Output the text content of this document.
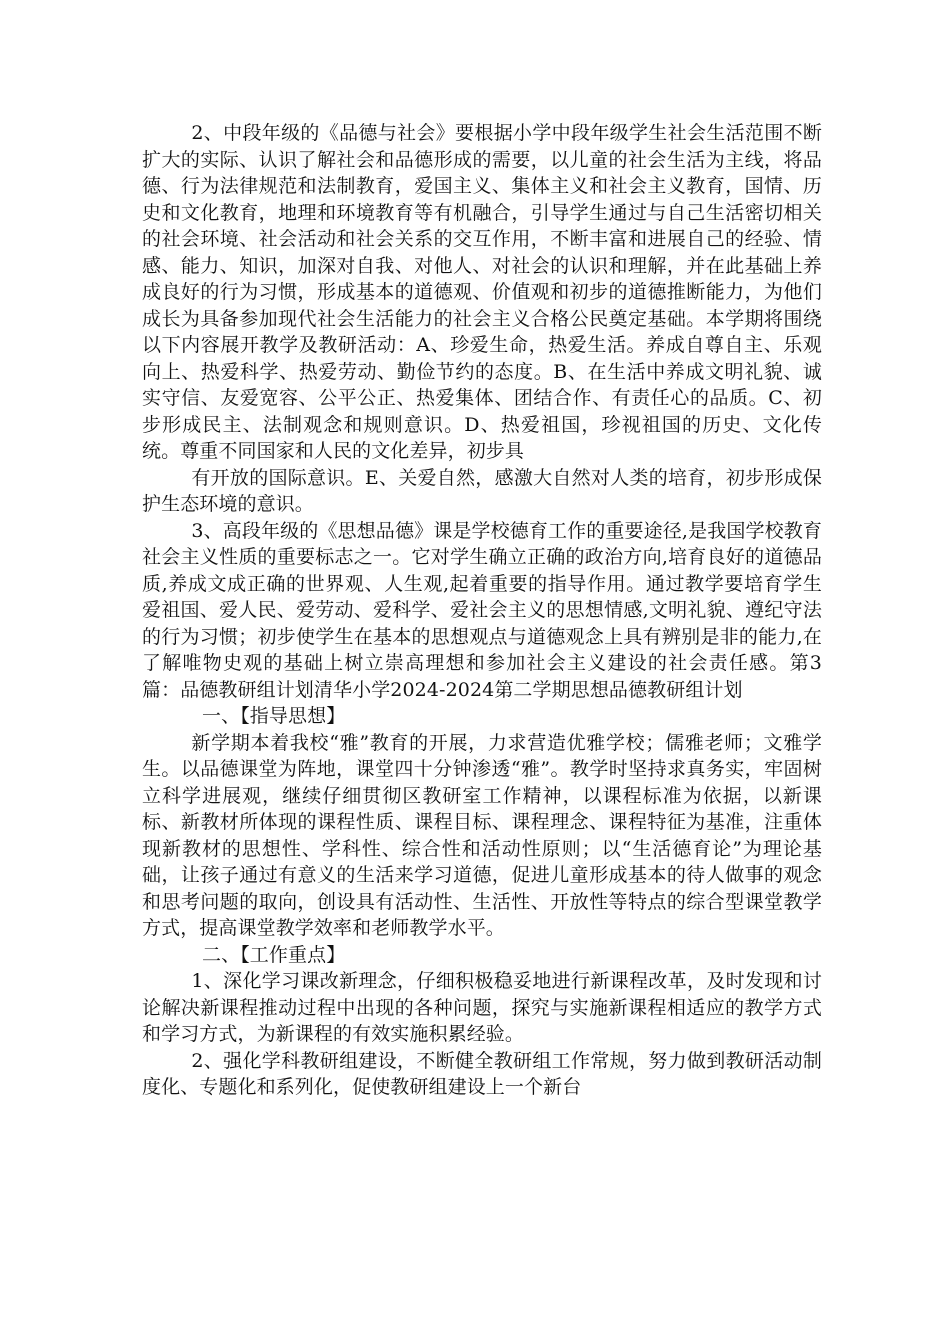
2、中段年级的《品德与社会》要根据小学中段年级学生社会生活范围不断扩大的实际、认识了解社会和品德形成的需要，以儿童的社会生活为主线，将品德、行为法律规范和法制教育，爱国主义、集体主义和社会主义教育，国情、历史和文化教育，地理和环境教育等有机融合，引导学生通过与自己生活密切相关的社会环境、社会活动和社会关系的交互作用，不断丰富和进展自己的经验、情感、能力、知识，加深对自我、对他人、对社会的认识和理解，并在此基础上养成良好的行为习惯，形成基本的道德观、价值观和初步的道德推断能力，为他们成长为具备参加现代社会生活能力的社会主义合格公民奠定基础。本学期将围绕以下内容展开教学及教研活动：A、珍爱生命，热爱生活。养成自尊自主、乐观向上、热爱科学、热爱劳动、勤俭节约的态度。B、在生活中养成文明礼貌、诚实守信、友爱宽容、公平公正、热爱集体、团结合作、有责任心的品质。C、初步形成民主、法制观念和规则意识。D、热爱祖国，珍视祖国的历史、文化传统。尊重不同国家和人民的文化差异，初步具

有开放的国际意识。E、关爱自然，感激大自然对人类的培育，初步形成保护生态环境的意识。

3、高段年级的《思想品德》课是学校德育工作的重要途径,是我国学校教育社会主义性质的重要标志之一。它对学生确立正确的政治方向,培育良好的道德品质,养成文成正确的世界观、人生观,起着重要的指导作用。通过教学要培育学生爱祖国、爱人民、爱劳动、爱科学、爱社会主义的思想情感,文明礼貌、遵纪守法的行为习惯；初步使学生在基本的思想观点与道德观念上具有辨别是非的能力,在了解唯物史观的基础上树立崇高理想和参加社会主义建设的社会责任感。第3篇：品德教研组计划清华小学2024-2024第二学期思想品德教研组计划

一、【指导思想】

新学期本着我校“雅”教育的开展，力求营造优雅学校；儒雅老师；文雅学生。以品德课堂为阵地，课堂四十分钟渗透“雅”。教学时坚持求真务实，牢固树立科学进展观，继续仔细贯彻区教研室工作精神，以课程标准为依据，以新课标、新教材所体现的课程性质、课程目标、课程理念、课程特征为基准，注重体现新教材的思想性、学科性、综合性和活动性原则；以“生活德育论”为理论基础，让孩子通过有意义的生活来学习道德，促进儿童形成基本的待人做事的观念和思考问题的取向，创设具有活动性、生活性、开放性等特点的综合型课堂教学方式，提高课堂教学效率和老师教学水平。

二、【工作重点】

1、深化学习课改新理念，仔细积极稳妥地进行新课程改革，及时发现和讨论解决新课程推动过程中出现的各种问题，探究与实施新课程相适应的教学方式和学习方式，为新课程的有效实施积累经验。

2、强化学科教研组建设，不断健全教研组工作常规，努力做到教研活动制度化、专题化和系列化，促使教研组建设上一个新台
